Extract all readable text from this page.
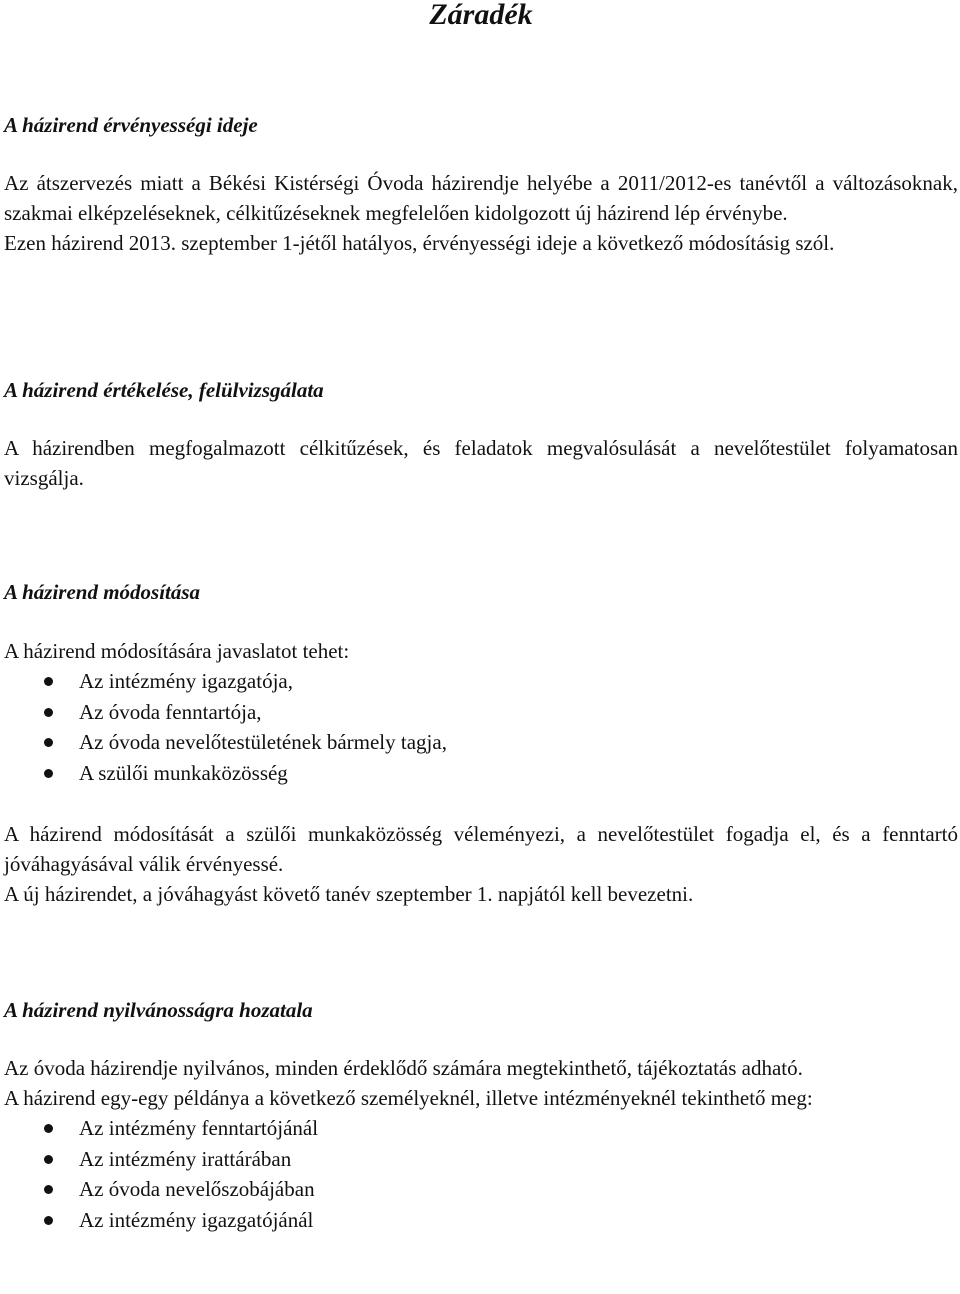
Záradék
A házirend érvényességi ideje

Az átszervezés miatt a Békési Kistérségi Óvoda házirendje helyébe a 2011/2012-es tanévtől a változásoknak, szakmai elképzeléseknek, célkitűzéseknek megfelelően kidolgozott új házirend lép érvénybe.

Ezen házirend 2013. szeptember 1-jétől hatályos, érvényességi ideje a következő módosításig szól.

A házirend értékelése, felülvizsgálata

A házirendben megfogalmazott célkitűzések, és feladatok megvalósulását a nevelőtestület folyamatosan vizsgálja.

A házirend módosítása

A házirend módosítására javaslatot tehet:

Az intézmény igazgatója,
Az óvoda fenntartója,
Az óvoda nevelőtestületének bármely tagja,
A szülői munkaközösség

A házirend módosítását a szülői munkaközösség véleményezi, a nevelőtestület fogadja el, és a fenntartó jóváhagyásával válik érvényessé.

A új házirendet, a jóváhagyást követő tanév szeptember 1. napjától kell bevezetni.

A házirend nyilvánosságra hozatala

Az óvoda házirendje nyilvános, minden érdeklődő számára megtekinthető, tájékoztatás adható.

A házirend egy-egy példánya a következő személyeknél, illetve intézményeknél tekinthető meg:

Az intézmény fenntartójánál
Az intézmény irattárában
Az óvoda nevelőszobájában
Az intézmény igazgatójánál
